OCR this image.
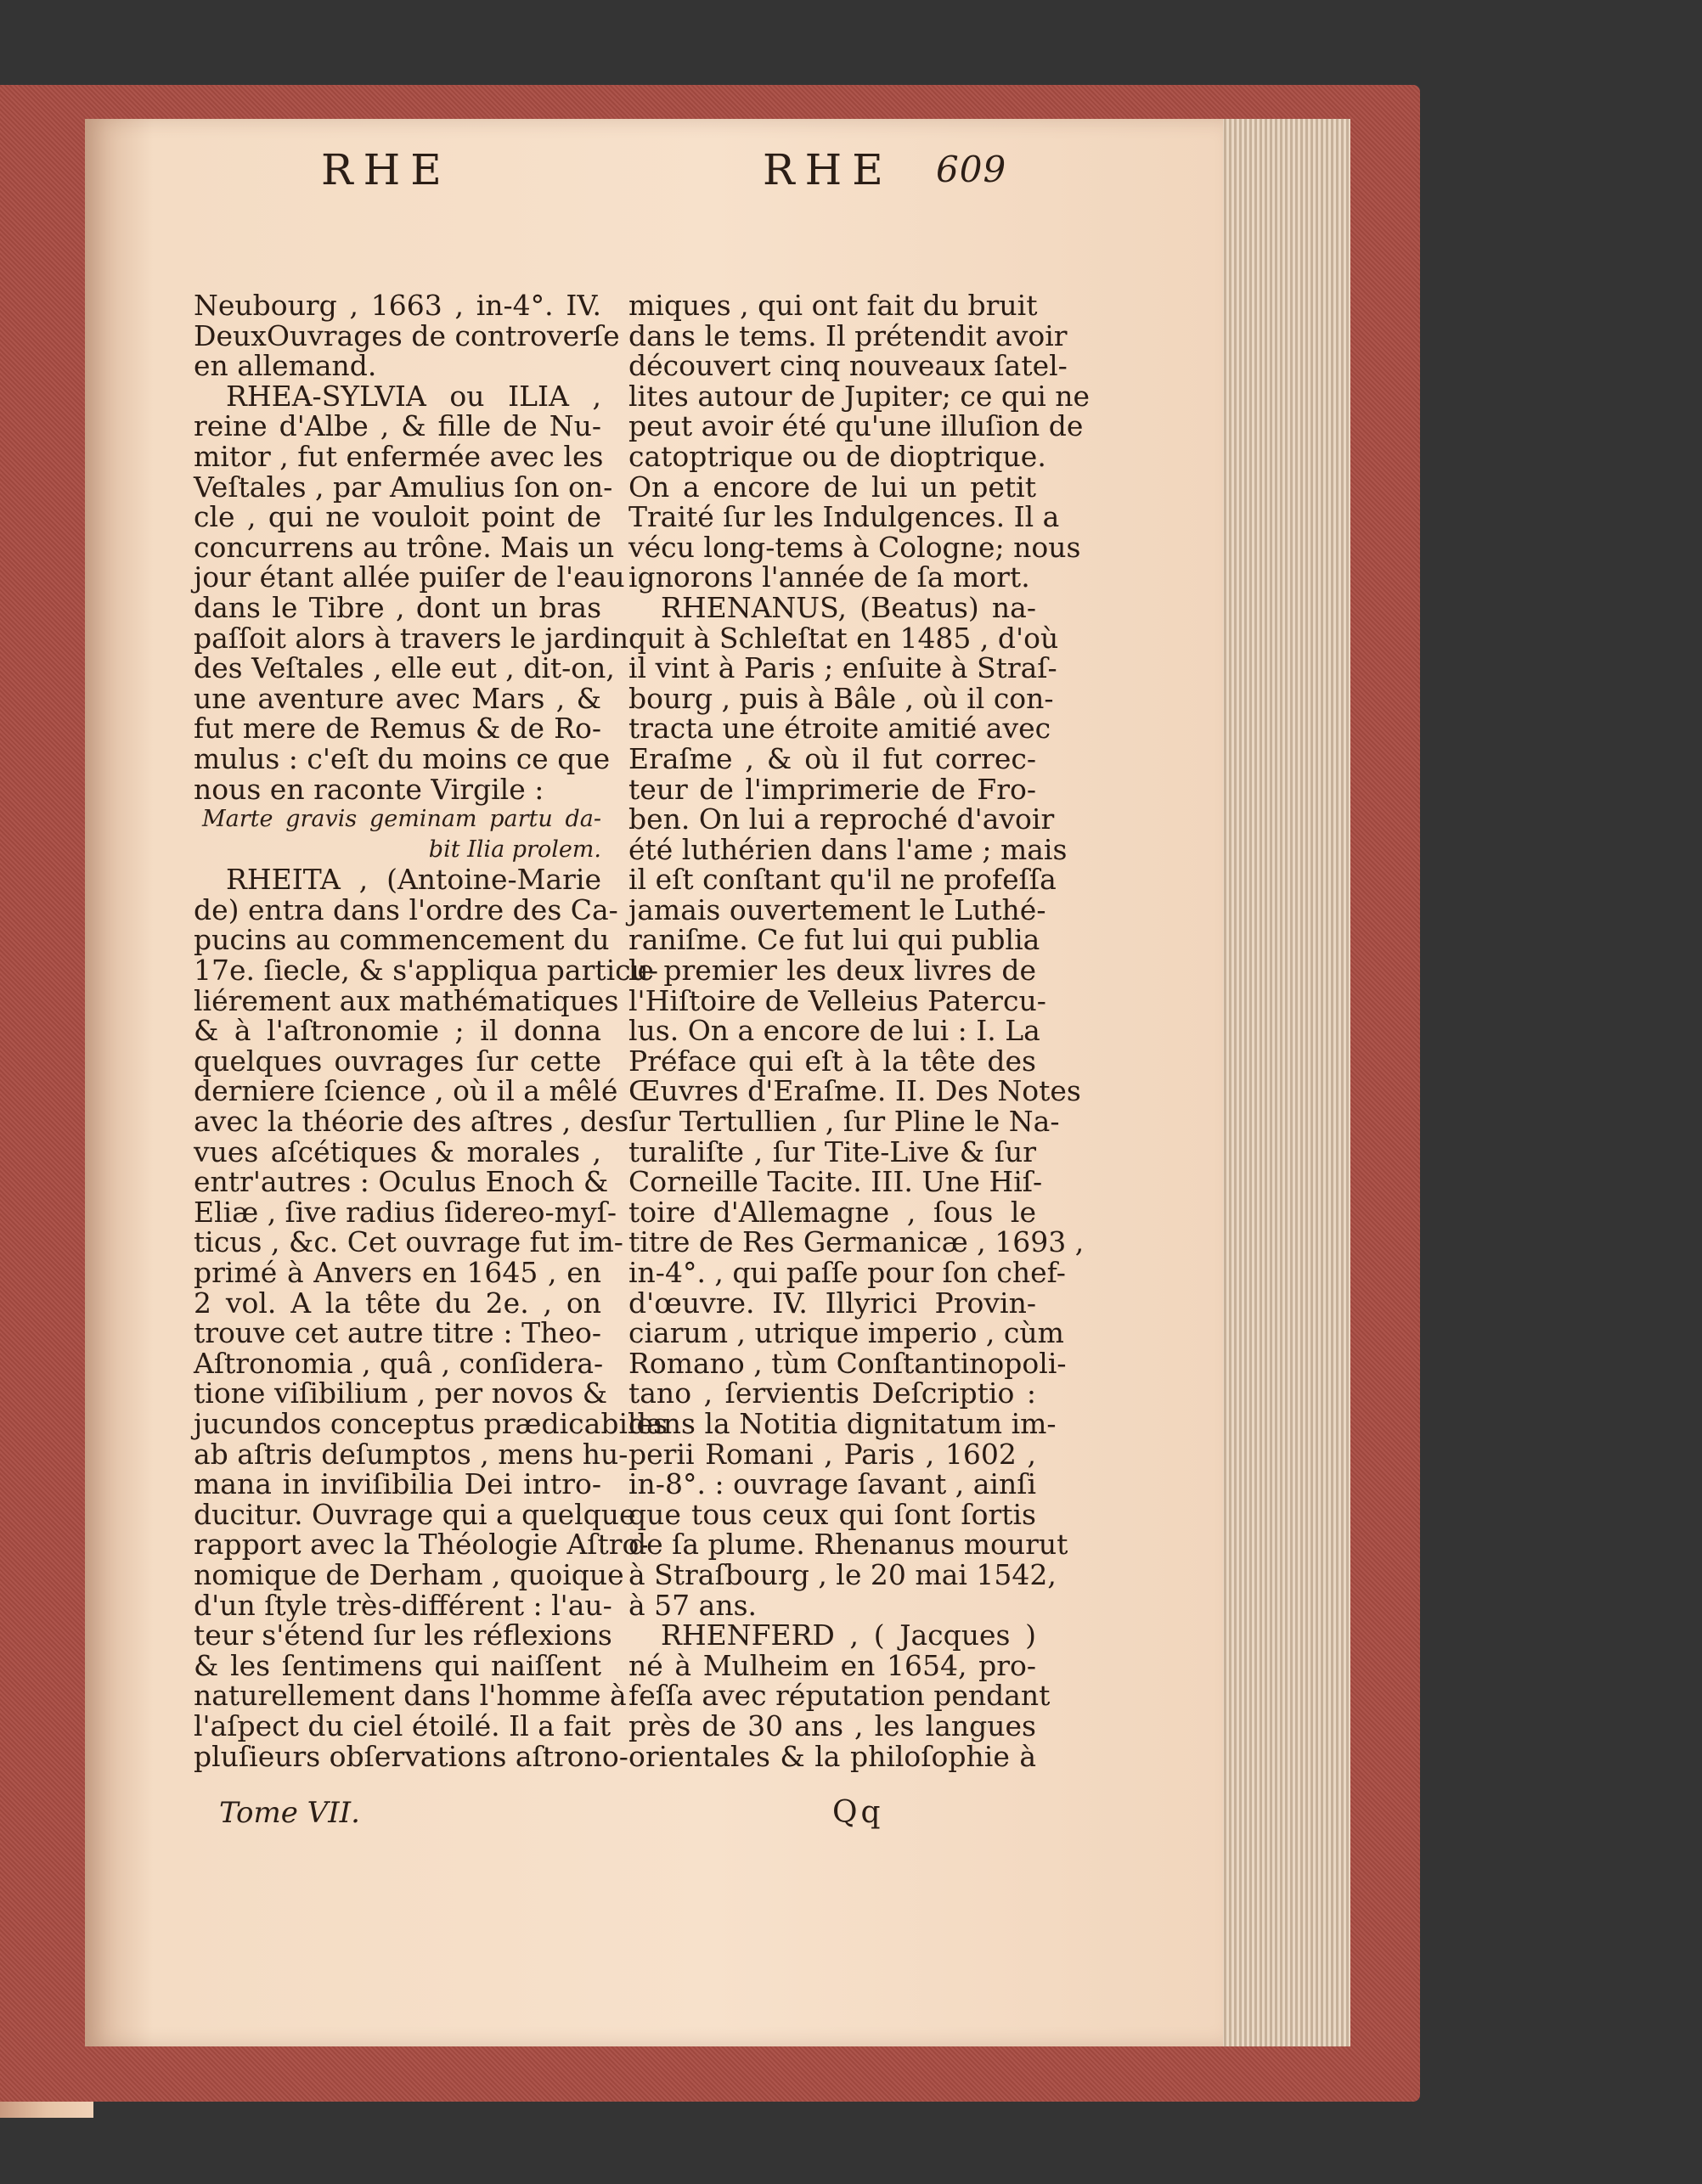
RHE	RHE 609
Neubourg , 1663 , in-4°. IV.
DeuxOuvrages de controverſe
en allemand.
RHEA-SYLVIA ou ILIA ,
reine d'Albe , & fille de Nu-
mitor , fut enfermée avec les
Veſtales , par Amulius ſon on-
cle , qui ne vouloit point de
concurrens au trône. Mais un
jour étant allée puiſer de l'eau
dans le Tibre , dont un bras
paſſoit alors à travers le jardin
des Veſtales , elle eut , dit-on,
une aventure avec Mars , &
fut mere de Remus & de Ro-
mulus : c'eſt du moins ce que
nous en raconte Virgile :
Marte gravis geminam partu da-
bit Ilia prolem.
RHEITA , (Antoine-Marie
de) entra dans l'ordre des Ca-
pucins au commencement du
17e. ſiecle, & s'appliqua particu-
liérement aux mathématiques
& à l'aſtronomie ; il donna
quelques ouvrages ſur cette
derniere ſcience , où il a mêlé
avec la théorie des aſtres , des
vues aſcétiques & morales ,
entr'autres : Oculus Enoch &
Eliæ , ſive radius ſidereo-myſ-
ticus , &c. Cet ouvrage fut im-
primé à Anvers en 1645 , en
2 vol. A la tête du 2e. , on
trouve cet autre titre : Theo-
Aſtronomia , quâ , conſidera-
tione viſibilium , per novos &
jucundos conceptus prædicabiles
ab aſtris deſumptos , mens hu-
mana in inviſibilia Dei intro-
ducitur. Ouvrage qui a quelque
rapport avec la Théologie Aſtro-
nomique de Derham , quoique
d'un ſtyle très-différent : l'au-
teur s'étend ſur les réflexions
& les ſentimens qui naiſſent
naturellement dans l'homme à
l'aſpect du ciel étoilé. Il a fait
pluſieurs obſervations aſtrono-
miques , qui ont fait du bruit
dans le tems. Il prétendit avoir
découvert cinq nouveaux ſatel-
lites autour de Jupiter; ce qui ne
peut avoir été qu'une illuſion de
catoptrique ou de dioptrique.
On a encore de lui un petit
Traité ſur les Indulgences. Il a
vécu long-tems à Cologne; nous
ignorons l'année de ſa mort.
RHENANUS, (Beatus) na-
quit à Schleſtat en 1485 , d'où
il vint à Paris ; enſuite à Straſ-
bourg , puis à Bâle , où il con-
tracta une étroite amitié avec
Eraſme , & où il fut correc-
teur de l'imprimerie de Fro-
ben. On lui a reproché d'avoir
été luthérien dans l'ame ; mais
il eſt conſtant qu'il ne profeſſa
jamais ouvertement le Luthé-
raniſme. Ce fut lui qui publia
le premier les deux livres de
l'Hiſtoire de Velleius Patercu-
lus. On a encore de lui : I. La
Préface qui eſt à la tête des
Œuvres d'Eraſme. II. Des Notes
ſur Tertullien , ſur Pline le Na-
turaliſte , ſur Tite-Live & ſur
Corneille Tacite. III. Une Hiſ-
toire d'Allemagne , ſous le
titre de Res Germanicæ , 1693 ,
in-4°. , qui paſſe pour ſon chef-
d'œuvre. IV. Illyrici Provin-
ciarum , utrique imperio , cùm
Romano , tùm Conſtantinopoli-
tano , ſervientis Deſcriptio :
dans la Notitia dignitatum im-
perii Romani , Paris , 1602 ,
in-8°. : ouvrage ſavant , ainſi
que tous ceux qui ſont ſortis
de ſa plume. Rhenanus mourut
à Straſbourg , le 20 mai 1542,
à 57 ans.
RHENFERD , ( Jacques )
né à Mulheim en 1654, pro-
feſſa avec réputation pendant
près de 30 ans , les langues
orientales & la philoſophie à
Tome VII.	Qq
